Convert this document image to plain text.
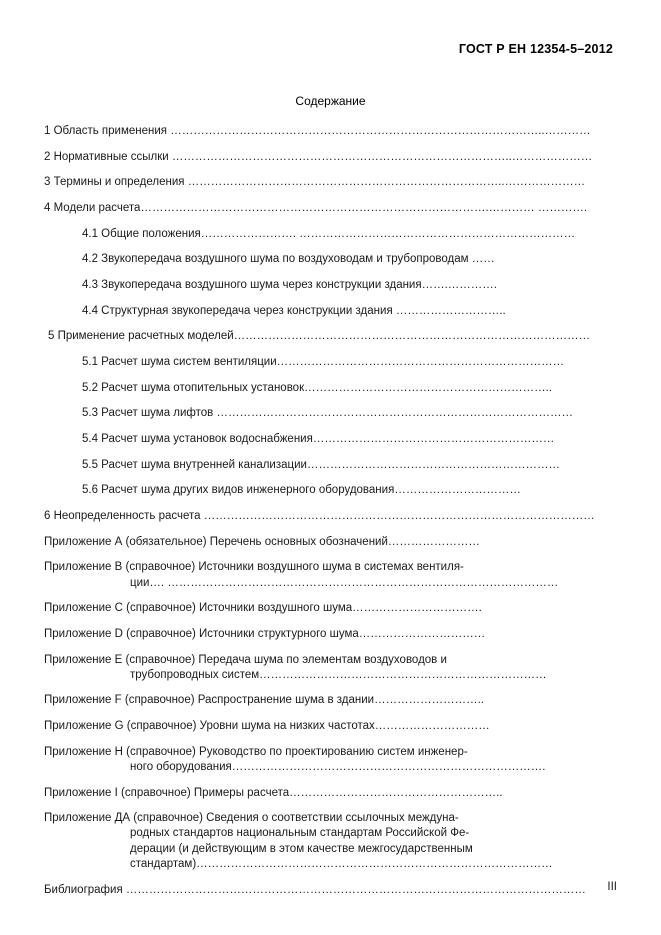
ГОСТ Р ЕН 12354-5–2012
Содержание
1 Область применения ……………………………………………………………………………………..…………
2 Нормативные ссылки ……………………………………………………………………………..…………………
3 Термины и определения ………………………………………………………………………..…………………
4 Модели расчета……………………………………………………………………………….………… ………….
4.1 Общие положения……………………. ………………………………………………………………
4.2 Звукопередача воздушного шума по воздуховодам и трубопроводам ……
4.3 Звукопередача воздушного шума через конструкции здания…….………….
4.4 Структурная звукопередача через конструкции здания ………………………..
5 Применение расчетных моделей…………………………………………………………………………………
5.1 Расчет шума систем вентиляции…………………………………………………………………
5.2 Расчет шума отопительных установок………………………………………………………..
5.3 Расчет шума лифтов …………………………………………………………………………………
5.4 Расчет шума установок водоснабжения………………………………………………………
5.5 Расчет шума внутренней канализации…………………………………………………………
5.6 Расчет шума других видов инженерного оборудования……………………………
6 Неопределенность расчета …………………………………………………………………………………………
Приложение А (обязательное) Перечень основных обозначений……………………
Приложение В (справочное) Источники воздушного шума в системах вентиля-
ции…. …………………………………………………………………………………………
Приложение С (справочное) Источники воздушного шума…………………………….
Приложение D (справочное) Источники структурного шума……………………………
Приложение Е (справочное) Передача шума по элементам воздуховодов и
трубопроводных систем…………………………………………………………………
Приложение F (справочное) Распространение шума в здании………………………..
Приложение G (справочное) Уровни шума на низких частотах…………………………
Приложение Н (справочное) Руководство по проектированию систем инженер-
ного оборудования……………………………………………………………………….
Приложение I (справочное) Примеры расчета………………………………………………..
Приложение ДА (справочное) Сведения о соответствии ссылочных междуна-
родных стандартов национальным стандартам Российской Фе-
дерации (и действующим в этом качестве межгосударственным
стандартам)…………………………………………………………………………………
Библиография …………………………………………………………………………………………………………	III
